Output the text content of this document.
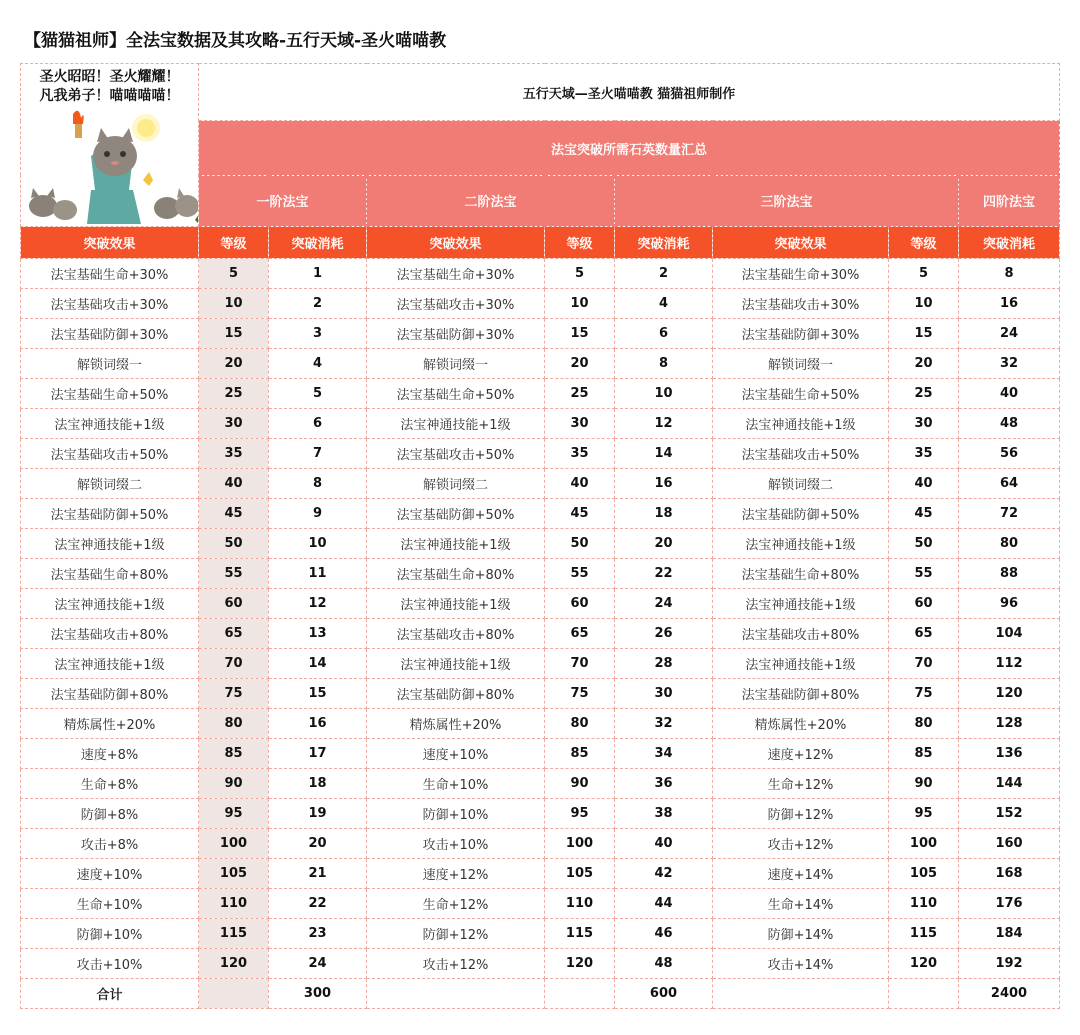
【猫猫祖师】全法宝数据及其攻略-五行天域-圣火喵喵教
圣火昭昭！圣火耀耀！
凡我弟子！喵喵喵喵！	五行天域—圣火喵喵教 猫猫祖师制作							
	法宝突破所需石英数量汇总							
	一阶法宝		二阶法宝		三阶法宝			四阶法宝
突破效果	等级	突破消耗	突破效果	等级	突破消耗	突破效果	等级	突破消耗
法宝基础生命+30%	5	1	法宝基础生命+30%	5	2	法宝基础生命+30%	5	8
法宝基础攻击+30%	10	2	法宝基础攻击+30%	10	4	法宝基础攻击+30%	10	16
法宝基础防御+30%	15	3	法宝基础防御+30%	15	6	法宝基础防御+30%	15	24
解锁词缀一	20	4	解锁词缀一	20	8	解锁词缀一	20	32
法宝基础生命+50%	25	5	法宝基础生命+50%	25	10	法宝基础生命+50%	25	40
法宝神通技能+1级	30	6	法宝神通技能+1级	30	12	法宝神通技能+1级	30	48
法宝基础攻击+50%	35	7	法宝基础攻击+50%	35	14	法宝基础攻击+50%	35	56
解锁词缀二	40	8	解锁词缀二	40	16	解锁词缀二	40	64
法宝基础防御+50%	45	9	法宝基础防御+50%	45	18	法宝基础防御+50%	45	72
法宝神通技能+1级	50	10	法宝神通技能+1级	50	20	法宝神通技能+1级	50	80
法宝基础生命+80%	55	11	法宝基础生命+80%	55	22	法宝基础生命+80%	55	88
法宝神通技能+1级	60	12	法宝神通技能+1级	60	24	法宝神通技能+1级	60	96
法宝基础攻击+80%	65	13	法宝基础攻击+80%	65	26	法宝基础攻击+80%	65	104
法宝神通技能+1级	70	14	法宝神通技能+1级	70	28	法宝神通技能+1级	70	112
法宝基础防御+80%	75	15	法宝基础防御+80%	75	30	法宝基础防御+80%	75	120
精炼属性+20%	80	16	精炼属性+20%	80	32	精炼属性+20%	80	128
速度+8%	85	17	速度+10%	85	34	速度+12%	85	136
生命+8%	90	18	生命+10%	90	36	生命+12%	90	144
防御+8%	95	19	防御+10%	95	38	防御+12%	95	152
攻击+8%	100	20	攻击+10%	100	40	攻击+12%	100	160
速度+10%	105	21	速度+12%	105	42	速度+14%	105	168
生命+10%	110	22	生命+12%	110	44	生命+14%	110	176
防御+10%	115	23	防御+12%	115	46	防御+14%	115	184
攻击+10%	120	24	攻击+12%	120	48	攻击+14%	120	192
合计		300			600			2400
